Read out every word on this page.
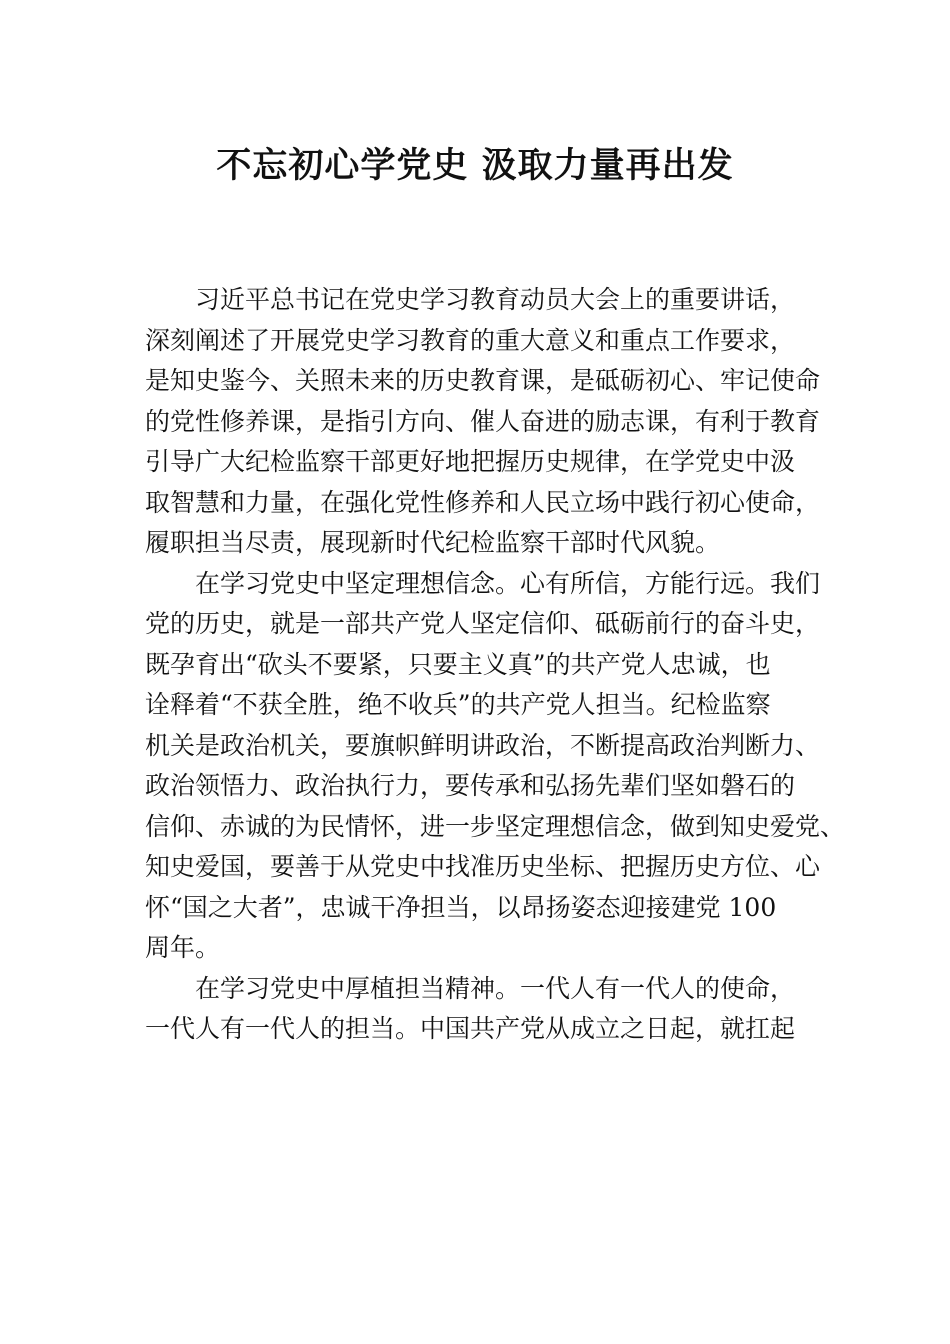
不忘初心学党史 汲取力量再出发
习近平总书记在党史学习教育动员大会上的重要讲话，
深刻阐述了开展党史学习教育的重大意义和重点工作要求，
是知史鉴今、关照未来的历史教育课，是砥砺初心、牢记使命
的党性修养课，是指引方向、催人奋进的励志课，有利于教育
引导广大纪检监察干部更好地把握历史规律，在学党史中汲
取智慧和力量，在强化党性修养和人民立场中践行初心使命，
履职担当尽责，展现新时代纪检监察干部时代风貌。
在学习党史中坚定理想信念。心有所信，方能行远。我们
党的历史，就是一部共产党人坚定信仰、砥砺前行的奋斗史，
既孕育出“砍头不要紧，只要主义真”的共产党人忠诚，也
诠释着“不获全胜，绝不收兵”的共产党人担当。纪检监察
机关是政治机关，要旗帜鲜明讲政治，不断提高政治判断力、
政治领悟力、政治执行力，要传承和弘扬先辈们坚如磐石的
信仰、赤诚的为民情怀，进一步坚定理想信念，做到知史爱党、
知史爱国，要善于从党史中找准历史坐标、把握历史方位、心
怀“国之大者”，忠诚干净担当，以昂扬姿态迎接建党 100
周年。
在学习党史中厚植担当精神。一代人有一代人的使命，
一代人有一代人的担当。中国共产党从成立之日起，就扛起
